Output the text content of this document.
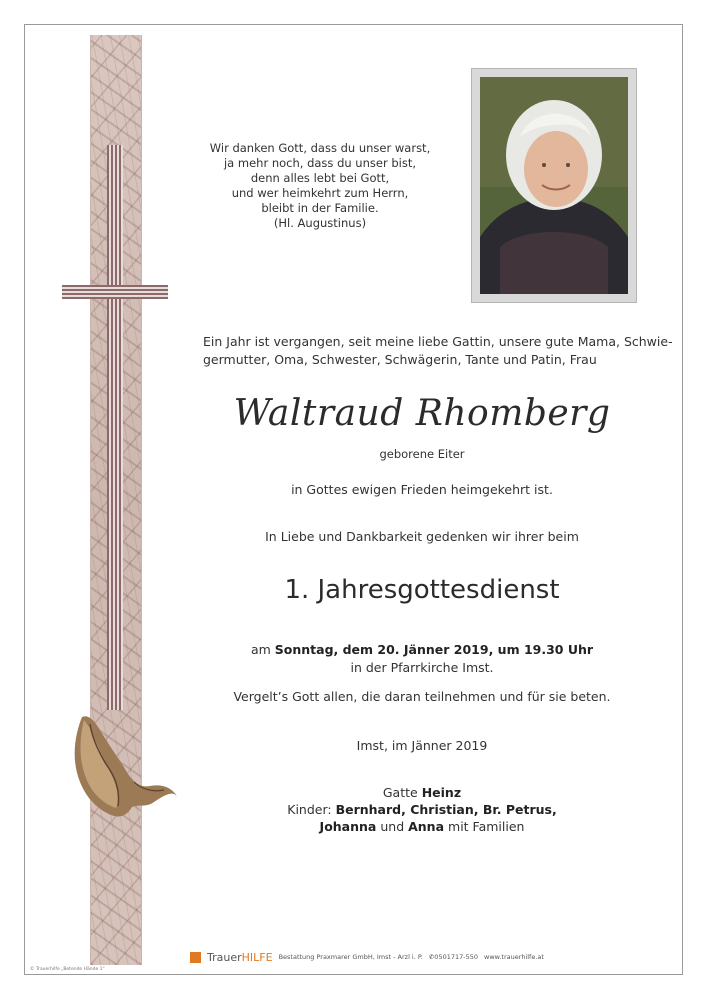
Wir danken Gott, dass du unser warst,
ja mehr noch, dass du unser bist,
denn alles lebt bei Gott,
und wer heimkehrt zum Herrn,
bleibt in der Familie.
(Hl. Augustinus)
Ein Jahr ist vergangen, seit meine liebe Gattin, unsere gute Mama, Schwie-
germutter, Oma, Schwester, Schwägerin, Tante und Patin, Frau
Waltraud Rhomberg
geborene Eiter
in Gottes ewigen Frieden heimgekehrt ist.
In Liebe und Dankbarkeit gedenken wir ihrer beim
1. Jahresgottesdienst
am Sonntag, dem 20. Jänner 2019, um 19.30 Uhr
in der Pfarrkirche Imst.
Vergelt’s Gott allen, die daran teilnehmen und für sie beten.
Imst, im Jänner 2019
Gatte Heinz
Kinder: Bernhard, Christian, Br. Petrus,
Johanna und Anna mit Familien
TrauerHILFE Bestattung Praxmarer GmbH, Imst - Arzl i. P. ✆0501717-550 www.trauerhilfe.at
© Trauerhilfe „Betende Hände 1“
